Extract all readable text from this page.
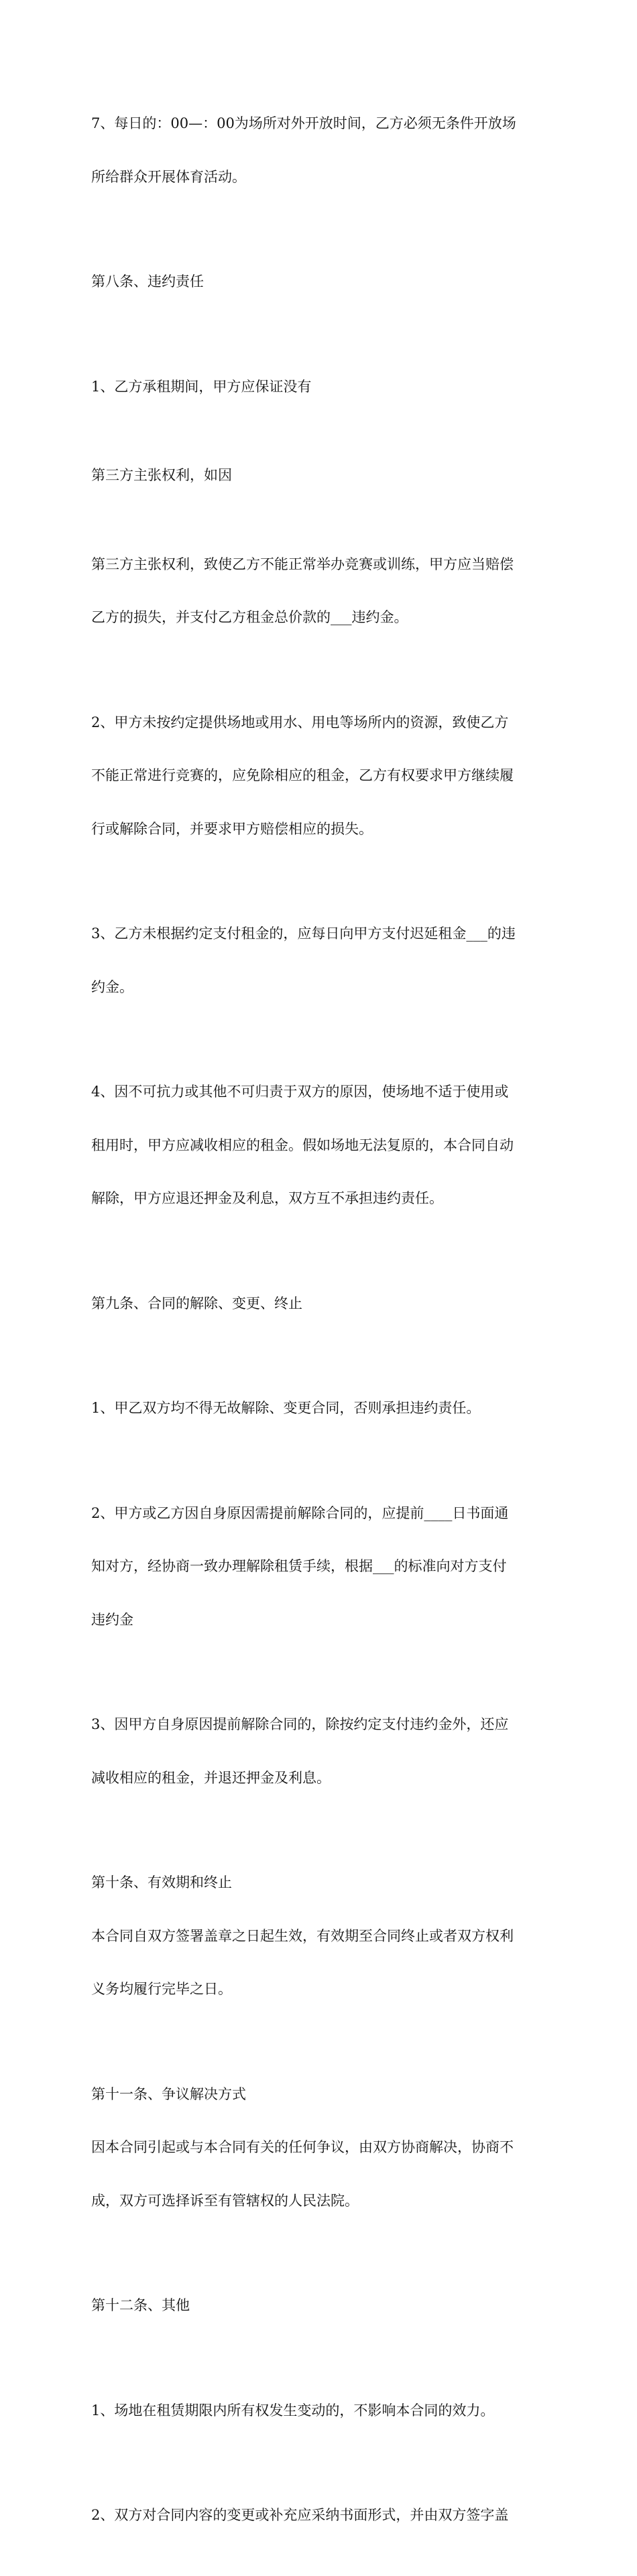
7、每日的：00—：00为场所对外开放时间，乙方必须无条件开放场

所给群众开展体育活动。

第八条、违约责任

1、乙方承租期间，甲方应保证没有

第三方主张权利，如因

第三方主张权利，致使乙方不能正常举办竞赛或训练，甲方应当赔偿

乙方的损失，并支付乙方租金总价款的___违约金。

2、甲方未按约定提供场地或用水、用电等场所内的资源，致使乙方

不能正常进行竞赛的，应免除相应的租金，乙方有权要求甲方继续履

行或解除合同，并要求甲方赔偿相应的损失。

3、乙方未根据约定支付租金的，应每日向甲方支付迟延租金___的违

约金。

4、因不可抗力或其他不可归责于双方的原因，使场地不适于使用或

租用时，甲方应减收相应的租金。假如场地无法复原的，本合同自动

解除，甲方应退还押金及利息，双方互不承担违约责任。

第九条、合同的解除、变更、终止

1、甲乙双方均不得无故解除、变更合同，否则承担违约责任。

2、甲方或乙方因自身原因需提前解除合同的，应提前____日书面通

知对方，经协商一致办理解除租赁手续，根据___的标准向对方支付

违约金

3、因甲方自身原因提前解除合同的，除按约定支付违约金外，还应

减收相应的租金，并退还押金及利息。

第十条、有效期和终止

本合同自双方签署盖章之日起生效，有效期至合同终止或者双方权利

义务均履行完毕之日。

第十一条、争议解决方式

因本合同引起或与本合同有关的任何争议，由双方协商解决，协商不

成，双方可选择诉至有管辖权的人民法院。

第十二条、其他

1、场地在租赁期限内所有权发生变动的，不影响本合同的效力。

2、双方对合同内容的变更或补充应采纳书面形式，并由双方签字盖
